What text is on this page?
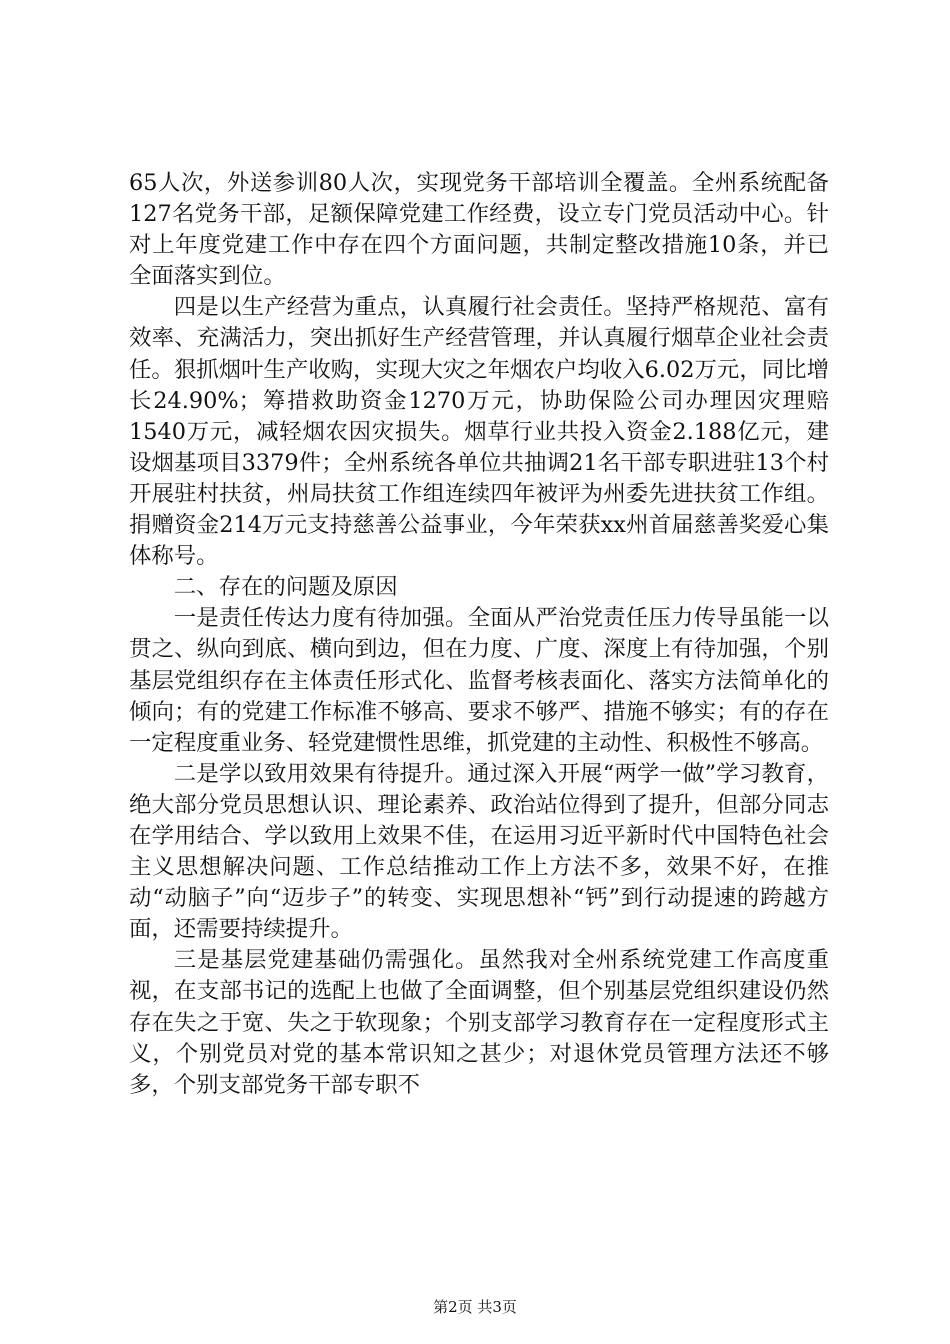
65人次，外送参训80人次，实现党务干部培训全覆盖。全州系统配备127名党务干部，足额保障党建工作经费，设立专门党员活动中心。针对上年度党建工作中存在四个方面问题，共制定整改措施10条，并已全面落实到位。

四是以生产经营为重点，认真履行社会责任。坚持严格规范、富有效率、充满活力，突出抓好生产经营管理，并认真履行烟草企业社会责任。狠抓烟叶生产收购，实现大灾之年烟农户均收入6.02万元，同比增长24.90%；筹措救助资金1270万元，协助保险公司办理因灾理赔1540万元，减轻烟农因灾损失。烟草行业共投入资金2.188亿元，建设烟基项目3379件；全州系统各单位共抽调21名干部专职进驻13个村开展驻村扶贫，州局扶贫工作组连续四年被评为州委先进扶贫工作组。捐赠资金214万元支持慈善公益事业，今年荣获xx州首届慈善奖爱心集体称号。

二、存在的问题及原因

一是责任传达力度有待加强。全面从严治党责任压力传导虽能一以贯之、纵向到底、横向到边，但在力度、广度、深度上有待加强，个别基层党组织存在主体责任形式化、监督考核表面化、落实方法简单化的倾向；有的党建工作标准不够高、要求不够严、措施不够实；有的存在一定程度重业务、轻党建惯性思维，抓党建的主动性、积极性不够高。

二是学以致用效果有待提升。通过深入开展“两学一做”学习教育，绝大部分党员思想认识、理论素养、政治站位得到了提升，但部分同志在学用结合、学以致用上效果不佳，在运用习近平新时代中国特色社会主义思想解决问题、工作总结推动工作上方法不多，效果不好，在推动“动脑子”向“迈步子”的转变、实现思想补“钙”到行动提速的跨越方面，还需要持续提升。

三是基层党建基础仍需强化。虽然我对全州系统党建工作高度重视，在支部书记的选配上也做了全面调整，但个别基层党组织建设仍然存在失之于宽、失之于软现象；个别支部学习教育存在一定程度形式主义，个别党员对党的基本常识知之甚少；对退休党员管理方法还不够多，个别支部党务干部专职不

第2页 共3页
